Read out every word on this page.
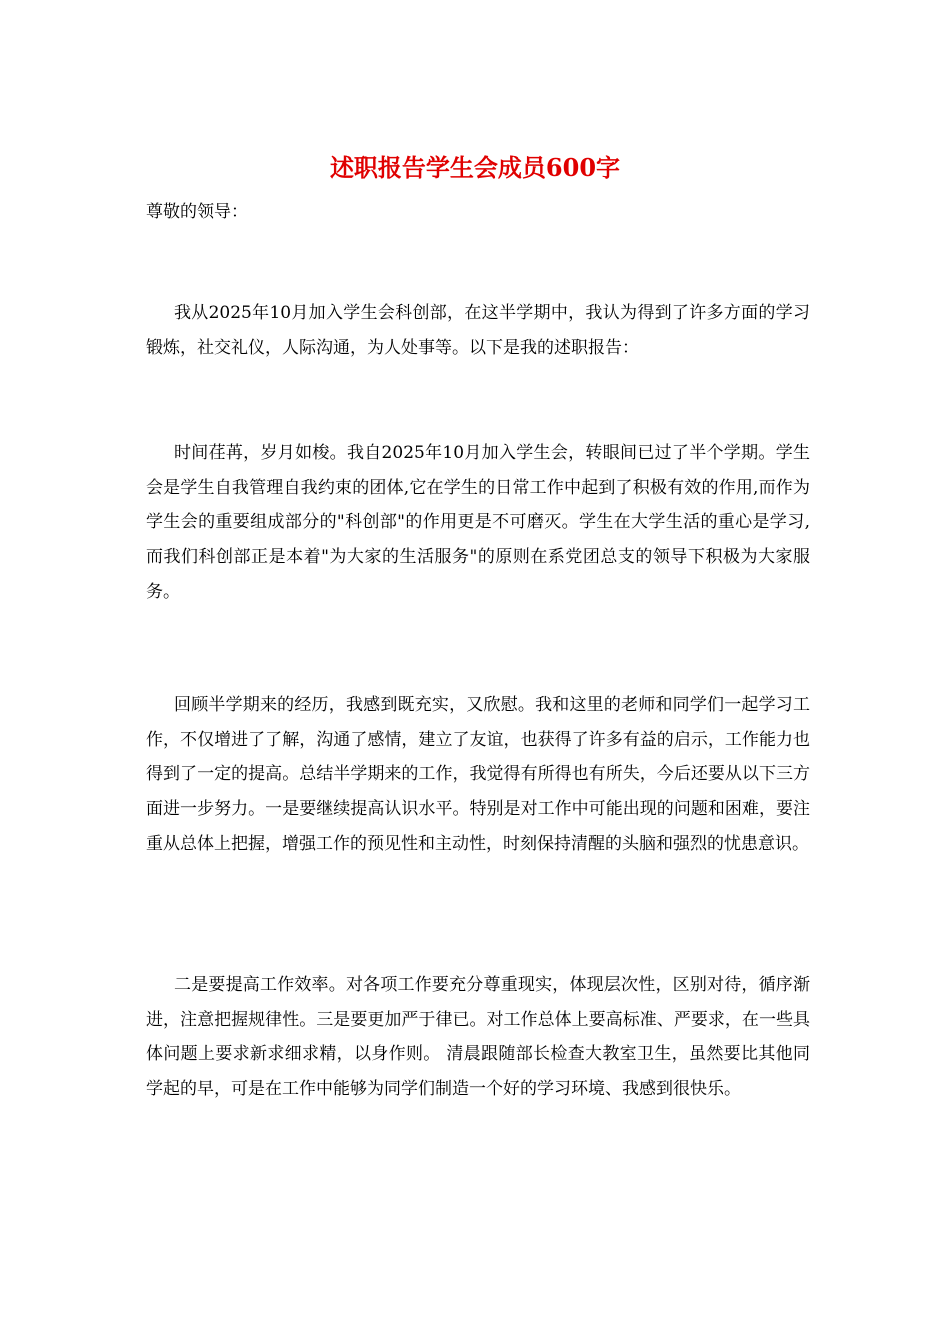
述职报告学生会成员600字

尊敬的领导：

我从2025年10月加入学生会科创部，在这半学期中，我认为得到了许多方面的学习锻炼，社交礼仪，人际沟通，为人处事等。以下是我的述职报告：

时间荏苒，岁月如梭。我自2025年10月加入学生会，转眼间已过了半个学期。学生会是学生自我管理自我约束的团体,它在学生的日常工作中起到了积极有效的作用,而作为学生会的重要组成部分的"科创部"的作用更是不可磨灭。学生在大学生活的重心是学习,而我们科创部正是本着"为大家的生活服务"的原则在系党团总支的领导下积极为大家服务。

回顾半学期来的经历，我感到既充实，又欣慰。我和这里的老师和同学们一起学习工作，不仅增进了了解，沟通了感情，建立了友谊，也获得了许多有益的启示，工作能力也得到了一定的提高。总结半学期来的工作，我觉得有所得也有所失，今后还要从以下三方面进一步努力。一是要继续提高认识水平。特别是对工作中可能出现的问题和困难，要注重从总体上把握，增强工作的预见性和主动性，时刻保持清醒的头脑和强烈的忧患意识。

二是要提高工作效率。对各项工作要充分尊重现实，体现层次性，区别对待，循序渐进，注意把握规律性。三是要更加严于律已。对工作总体上要高标准、严要求，在一些具体问题上要求新求细求精，以身作则。 清晨跟随部长检查大教室卫生，虽然要比其他同学起的早，可是在工作中能够为同学们制造一个好的学习环境、我感到很快乐。
